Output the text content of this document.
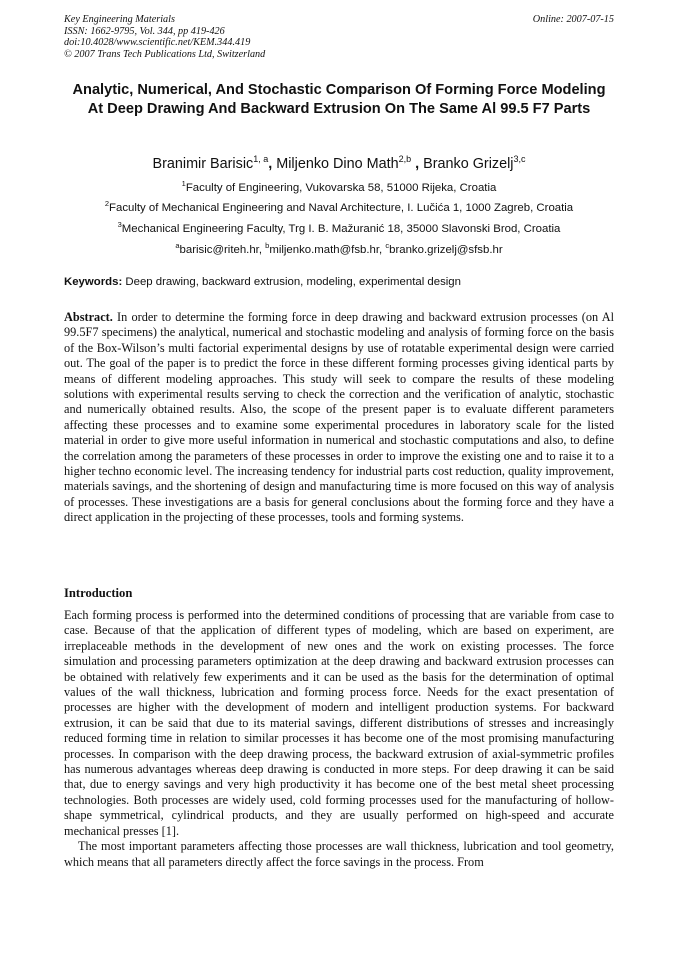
Key Engineering Materials
ISSN: 1662-9795, Vol. 344, pp 419-426
doi:10.4028/www.scientific.net/KEM.344.419
© 2007 Trans Tech Publications Ltd, Switzerland
Online: 2007-07-15
Analytic, Numerical, And Stochastic Comparison Of Forming Force Modeling At Deep Drawing And Backward Extrusion On The Same Al 99.5 F7 Parts
Branimir Barisic$^{1, a}$, Miljenko Dino Math$^{2,b}$ , Branko Grizelj$^{3,c}$
$^1$Faculty of Engineering, Vukovarska 58, 51000 Rijeka, Croatia
$^2$Faculty of Mechanical Engineering and Naval Architecture, I. Lučića 1, 1000 Zagreb, Croatia
$^3$Mechanical Engineering Faculty, Trg I. B. Mažuranić 18, 35000 Slavonski Brod, Croatia
$^a$barisic@riteh.hr, $^b$miljenko.math@fsb.hr, $^c$branko.grizelj@sfsb.hr
Keywords: Deep drawing, backward extrusion, modeling, experimental design
Abstract. In order to determine the forming force in deep drawing and backward extrusion processes (on Al 99.5F7 specimens) the analytical, numerical and stochastic modeling and analysis of forming force on the basis of the Box-Wilson’s multi factorial experimental designs by use of rotatable experimental design were carried out. The goal of the paper is to predict the force in these different forming processes giving identical parts by means of different modeling approaches. This study will seek to compare the results of these modeling solutions with experimental results serving to check the correction and the verification of analytic, stochastic and numerically obtained results. Also, the scope of the present paper is to evaluate different parameters affecting these processes and to examine some experimental procedures in laboratory scale for the listed material in order to give more useful information in numerical and stochastic computations and also, to define the correlation among the parameters of these processes in order to improve the existing one and to raise it to a higher techno economic level. The increasing tendency for industrial parts cost reduction, quality improvement, materials savings, and the shortening of design and manufacturing time is more focused on this way of analysis of processes. These investigations are a basis for general conclusions about the forming force and they have a direct application in the projecting of these processes, tools and forming systems.
Introduction

Each forming process is performed into the determined conditions of processing that are variable from case to case. Because of that the application of different types of modeling, which are based on experiment, are irreplaceable methods in the development of new ones and the work on existing processes. The force simulation and processing parameters optimization at the deep drawing and backward extrusion processes can be obtained with relatively few experiments and it can be used as the basis for the determination of optimal values of the wall thickness, lubrication and forming process force. Needs for the exact presentation of processes are higher with the development of modern and intelligent production systems. For backward extrusion, it can be said that due to its material savings, different distributions of stresses and increasingly reduced forming time in relation to similar processes it has become one of the most promising manufacturing processes. In comparison with the deep drawing process, the backward extrusion of axial-symmetric profiles has numerous advantages whereas deep drawing is conducted in more steps. For deep drawing it can be said that, due to energy savings and very high productivity it has become one of the best metal sheet processing technologies. Both processes are widely used, cold forming processes used for the manufacturing of hollow-shape symmetrical, cylindrical products, and they are usually performed on high-speed and accurate mechanical presses [1].

The most important parameters affecting those processes are wall thickness, lubrication and tool geometry, which means that all parameters directly affect the force savings in the process. From
